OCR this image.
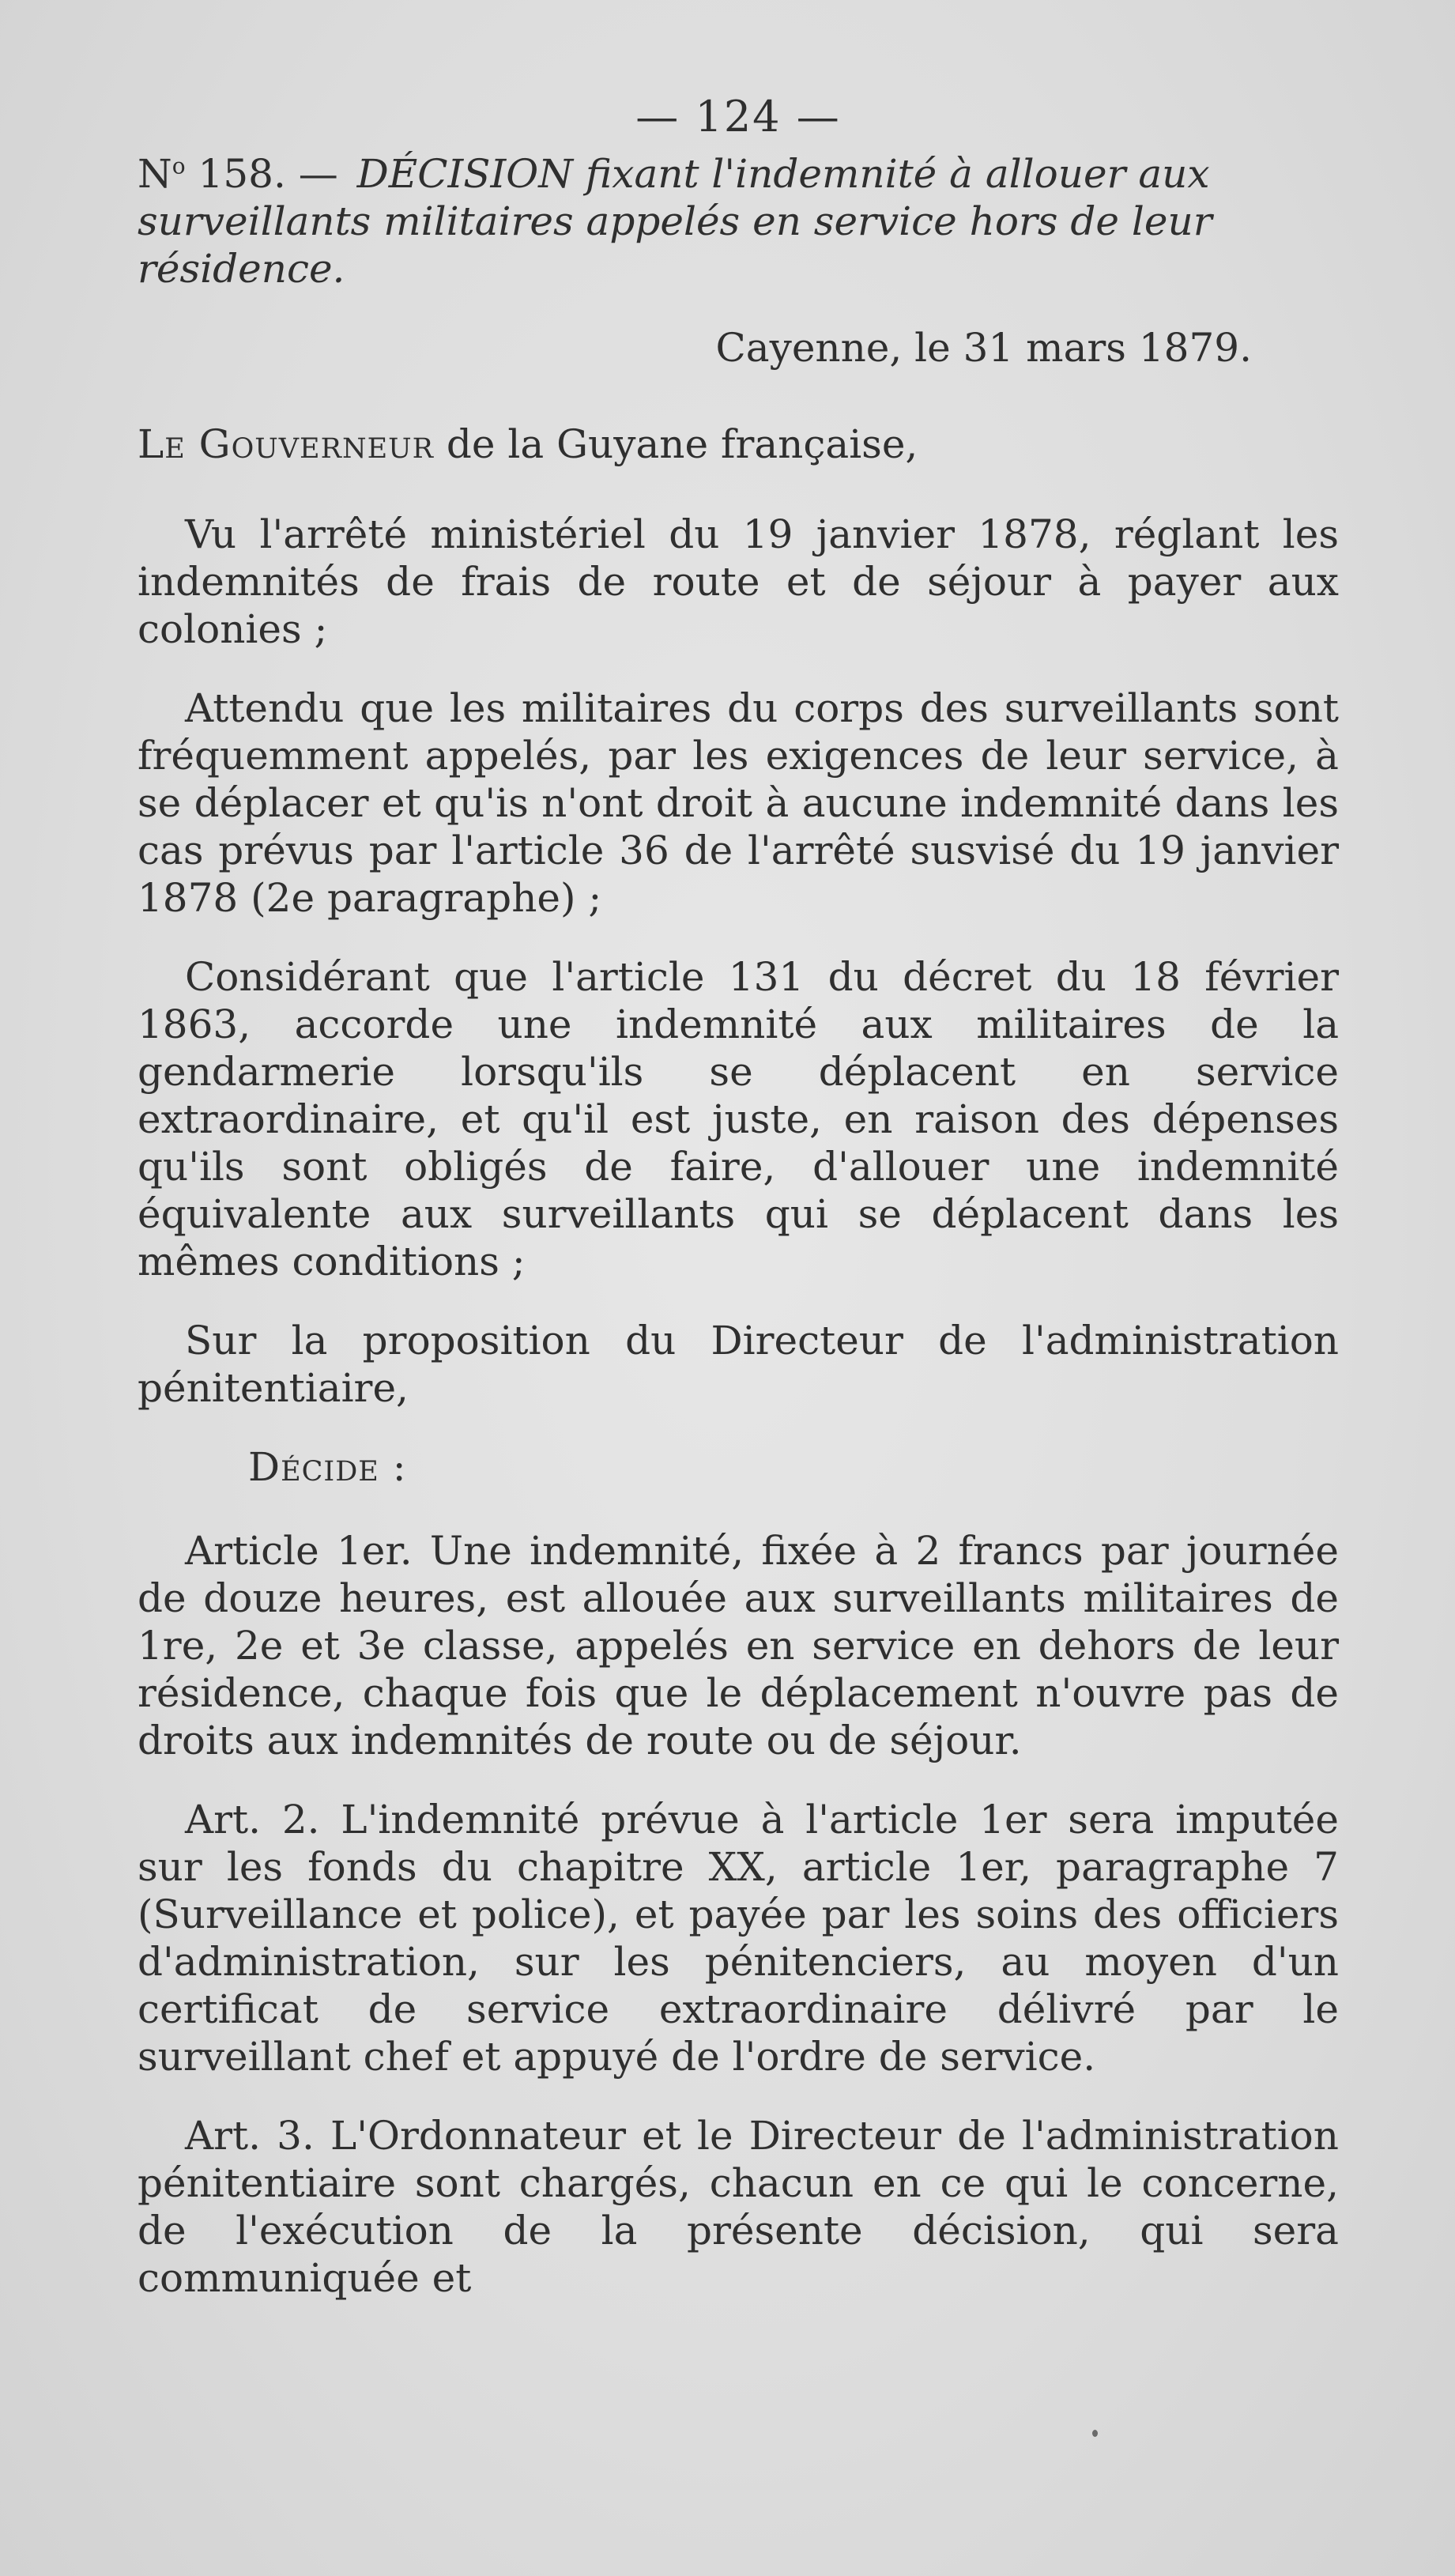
— 124 —
$N^o$ 158. — DÉCISION fixant l'indemnité à allouer aux surveillants militaires appelés en service hors de leur résidence.
Cayenne, le 31 mars 1879.
Le Gouverneur de la Guyane française,

Vu l'arrêté ministériel du 19 janvier 1878, réglant les indemnités de frais de route et de séjour à payer aux colonies ;

Attendu que les militaires du corps des surveillants sont fréquemment appelés, par les exigences de leur service, à se déplacer et qu'is n'ont droit à aucune indemnité dans les cas prévus par l'article 36 de l'arrêté susvisé du 19 janvier 1878 (2e paragraphe) ;

Considérant que l'article 131 du décret du 18 février 1863, accorde une indemnité aux militaires de la gendarmerie lorsqu'ils se déplacent en service extraordinaire, et qu'il est juste, en raison des dépenses qu'ils sont obligés de faire, d'allouer une indemnité équivalente aux surveillants qui se déplacent dans les mêmes conditions ;

Sur la proposition du Directeur de l'administration pénitentiaire,

Décide :

Article 1er. Une indemnité, fixée à 2 francs par journée de douze heures, est allouée aux surveillants militaires de 1re, 2e et 3e classe, appelés en service en dehors de leur résidence, chaque fois que le déplacement n'ouvre pas de droits aux indemnités de route ou de séjour.

Art. 2. L'indemnité prévue à l'article 1er sera imputée sur les fonds du chapitre XX, article 1er, paragraphe 7 (Surveillance et police), et payée par les soins des officiers d'administration, sur les pénitenciers, au moyen d'un certificat de service extraordinaire délivré par le surveillant chef et appuyé de l'ordre de service.

Art. 3. L'Ordonnateur et le Directeur de l'administration pénitentiaire sont chargés, chacun en ce qui le concerne, de l'exécution de la présente décision, qui sera communiquée et
